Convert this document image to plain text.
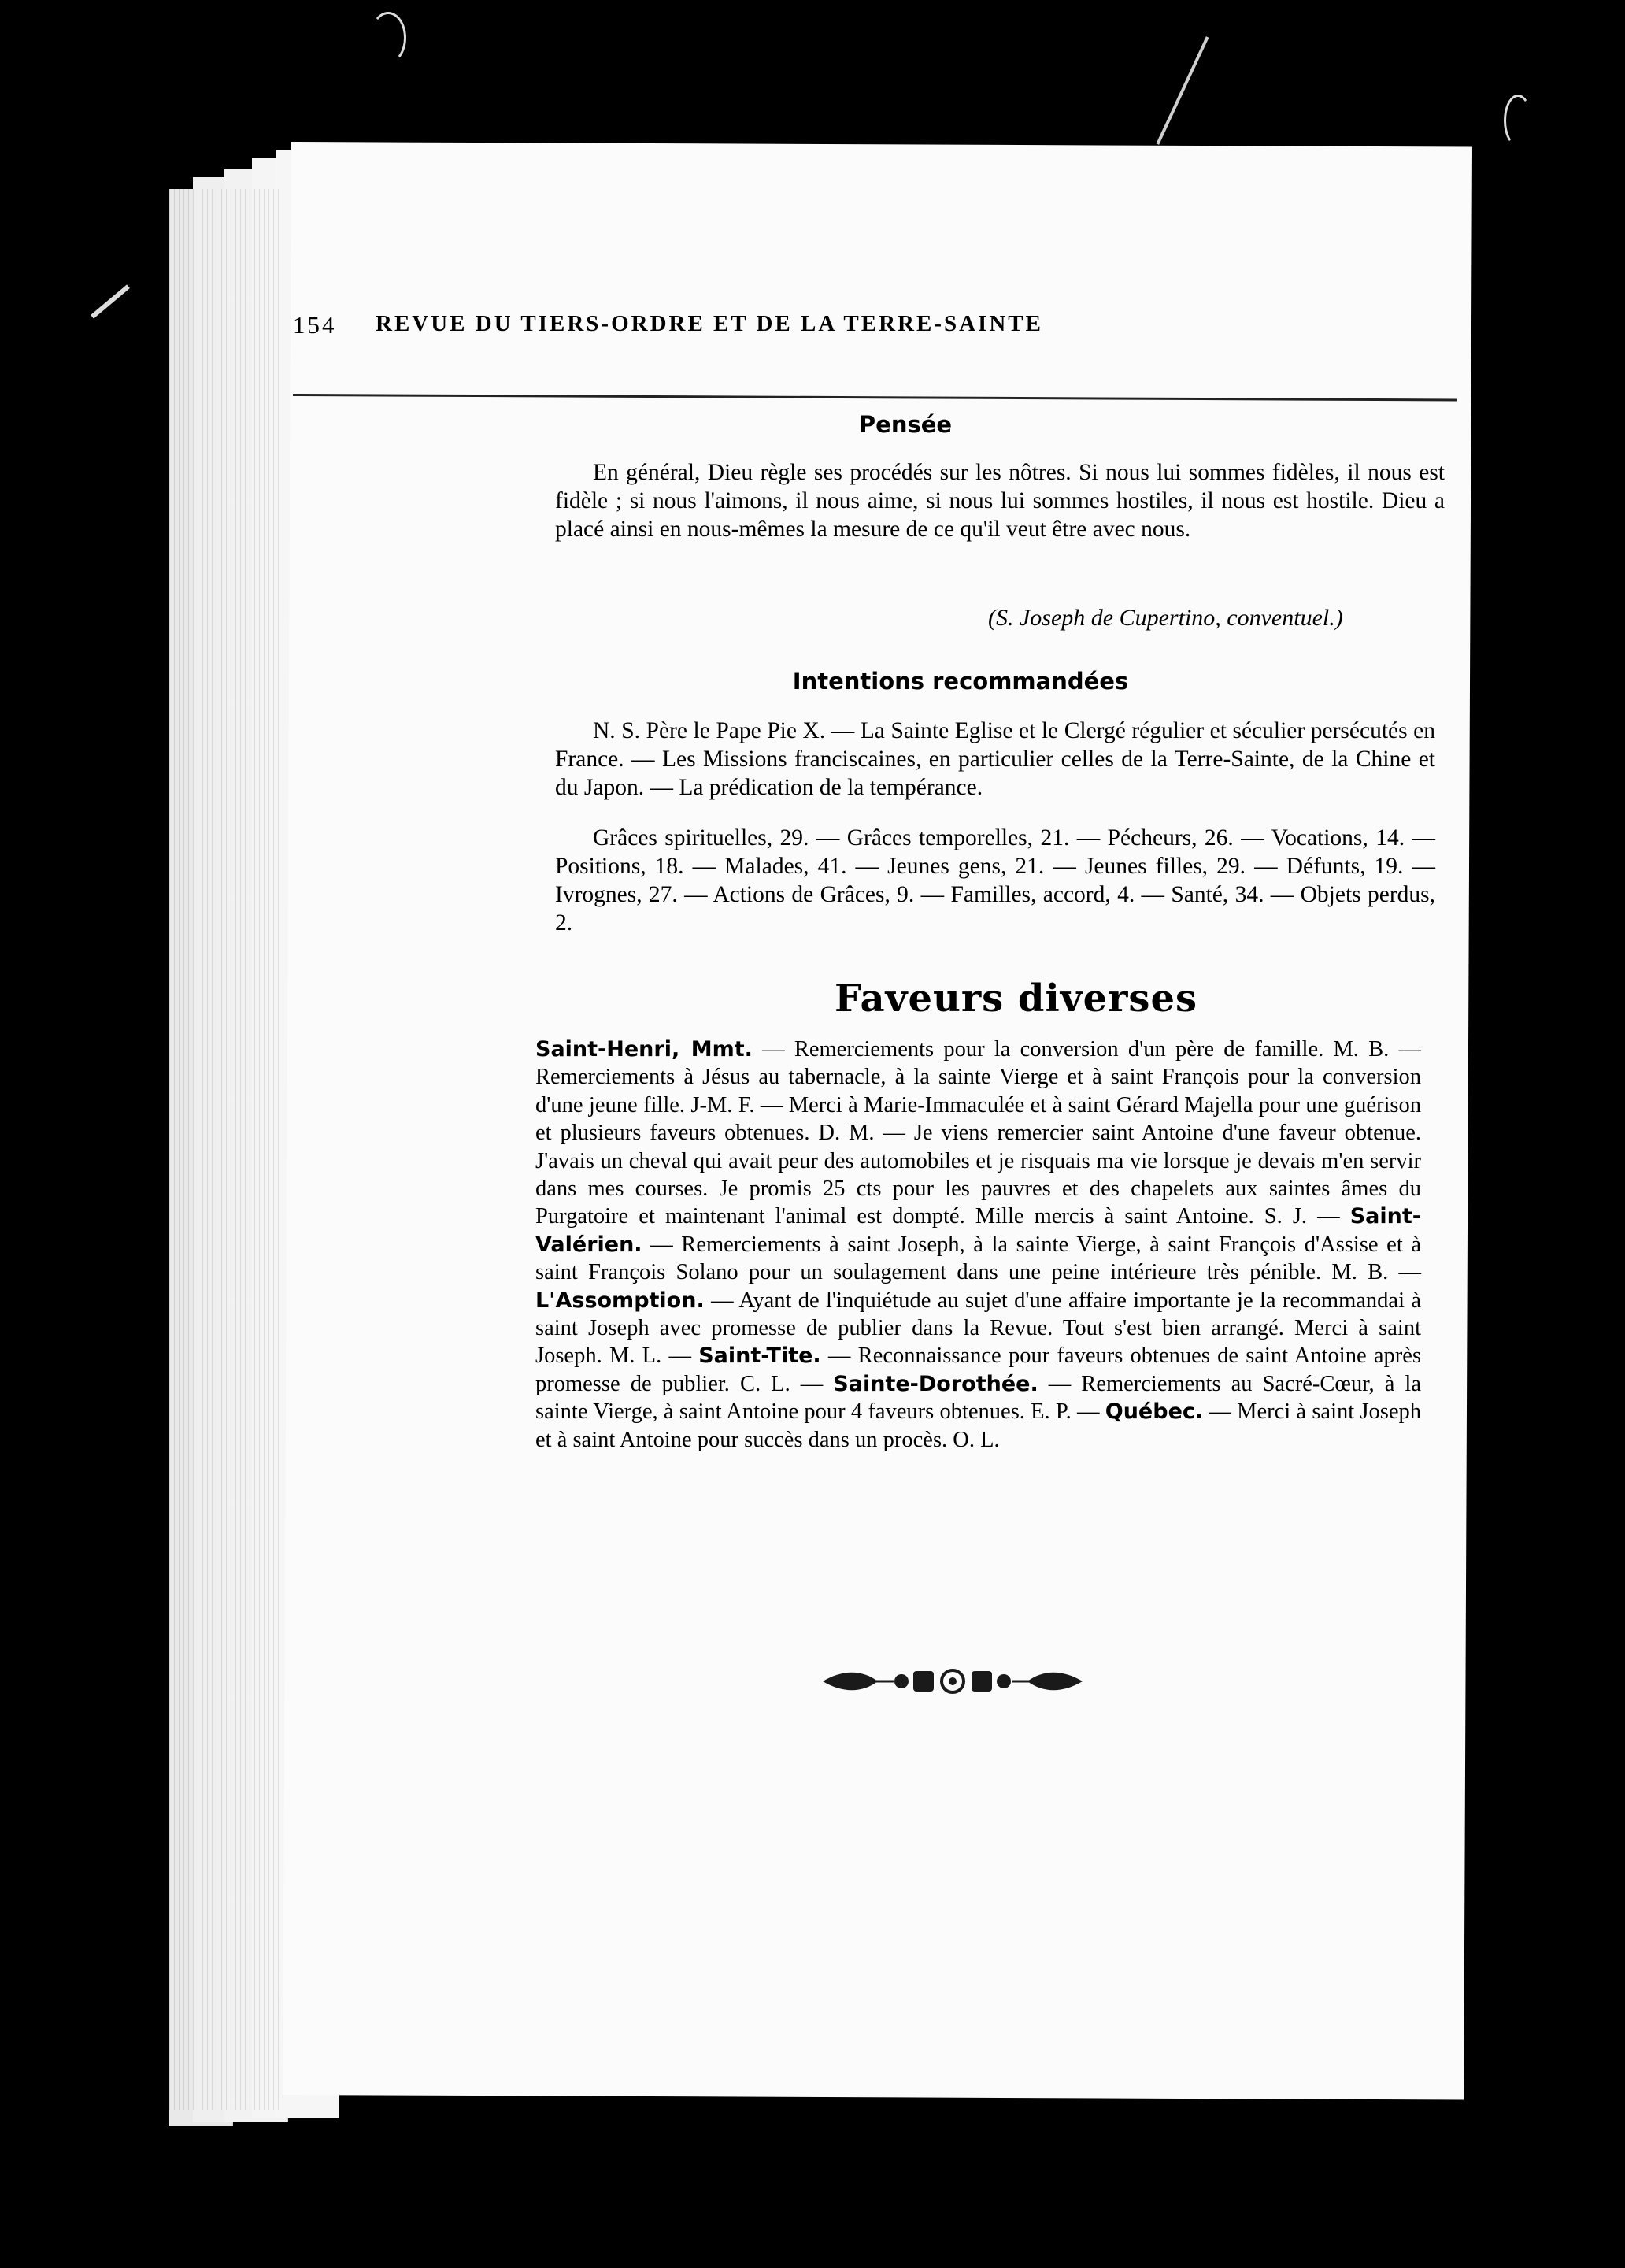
154 REVUE DU TIERS-ORDRE ET DE LA TERRE-SAINTE
Pensée
En général, Dieu règle ses procédés sur les nôtres. Si nous lui sommes fidèles, il nous est fidèle ; si nous l'aimons, il nous aime, si nous lui sommes hostiles, il nous est hostile. Dieu a placé ainsi en nous-mêmes la mesure de ce qu'il veut être avec nous.
(S. Joseph de Cupertino, conventuel.)
Intentions recommandées
N. S. Père le Pape Pie X. — La Sainte Eglise et le Clergé régulier et séculier persécutés en France. — Les Missions franciscaines, en particulier celles de la Terre-Sainte, de la Chine et du Japon. — La prédication de la tempérance.
Grâces spirituelles, 29. — Grâces temporelles, 21. — Pécheurs, 26. — Vocations, 14. — Positions, 18. — Malades, 41. — Jeunes gens, 21. — Jeunes filles, 29. — Défunts, 19. — Ivrognes, 27. — Actions de Grâces, 9. — Familles, accord, 4. — Santé, 34. — Objets perdus, 2.
Faveurs diverses
Saint-Henri, Mmt. — Remerciements pour la conversion d'un père de famille. M. B. — Remerciements à Jésus au tabernacle, à la sainte Vierge et à saint François pour la conversion d'une jeune fille. J-M. F. — Merci à Marie-Immaculée et à saint Gérard Majella pour une guérison et plusieurs faveurs obtenues. D. M. — Je viens remercier saint Antoine d'une faveur obtenue. J'avais un cheval qui avait peur des automobiles et je risquais ma vie lorsque je devais m'en servir dans mes courses. Je promis 25 cts pour les pauvres et des chapelets aux saintes âmes du Purgatoire et maintenant l'animal est dompté. Mille mercis à saint Antoine. S. J. — Saint-Valérien. — Remerciements à saint Joseph, à la sainte Vierge, à saint François d'Assise et à saint François Solano pour un soulagement dans une peine intérieure très pénible. M. B. — L'Assomption. — Ayant de l'inquiétude au sujet d'une affaire importante je la recommandai à saint Joseph avec promesse de publier dans la Revue. Tout s'est bien arrangé. Merci à saint Joseph. M. L. — Saint-Tite. — Reconnaissance pour faveurs obtenues de saint Antoine après promesse de publier. C. L. — Sainte-Dorothée. — Remerciements au Sacré-Cœur, à la sainte Vierge, à saint Antoine pour 4 faveurs obtenues. E. P. — Québec. — Merci à saint Joseph et à saint Antoine pour succès dans un procès. O. L.
